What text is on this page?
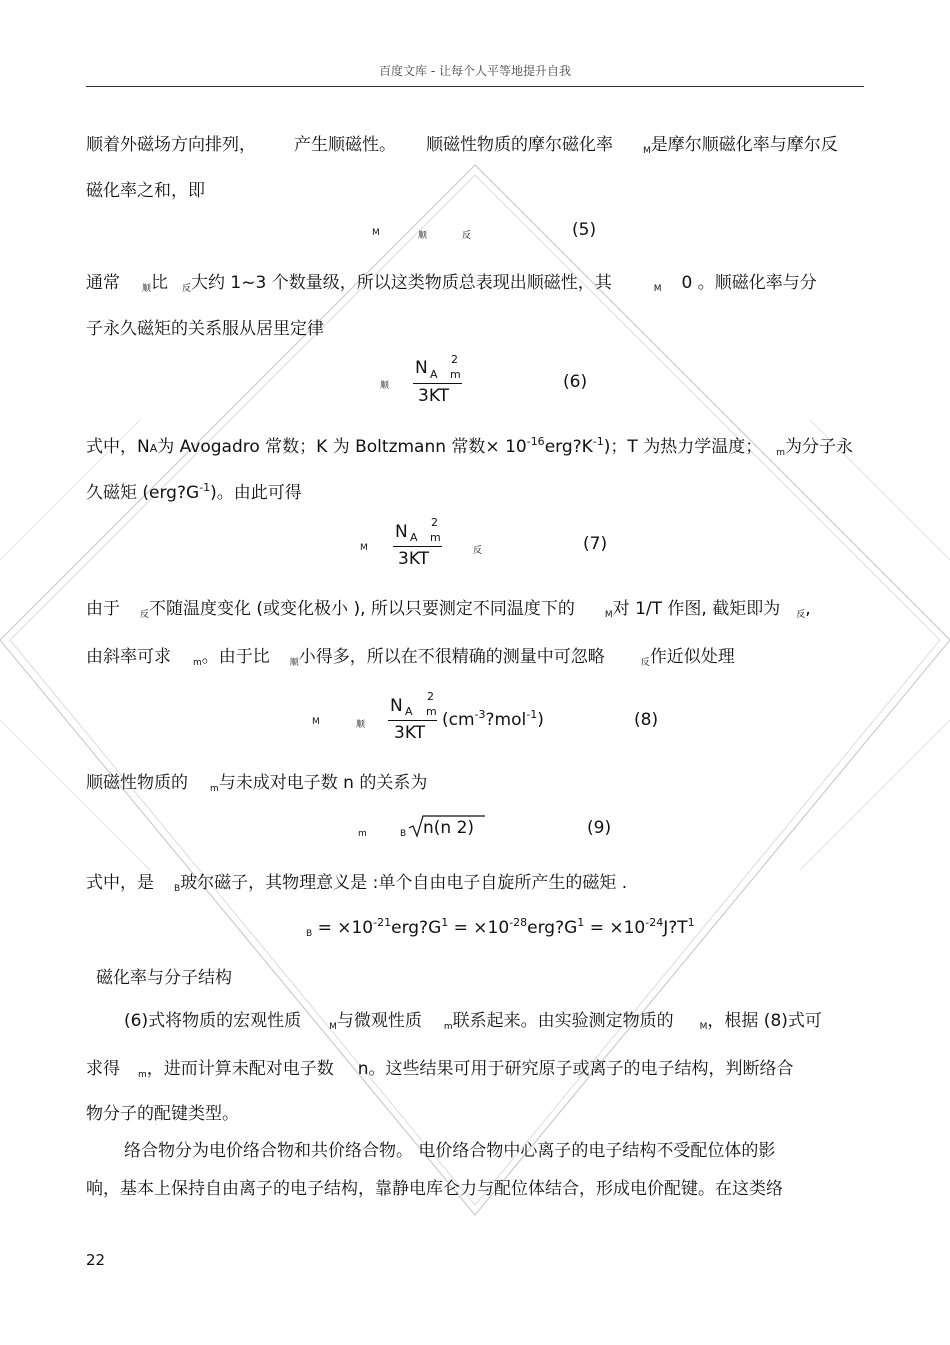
百度文库 - 让每个人平等地提升自我
顺着外磁场方向排列， 产生顺磁性。 顺磁性物质的摩尔磁化率	M是摩尔顺磁化率与摩尔反
磁化率之和，即
M	顺	反	(5)
通常 顺比 反大约 1~3 个数量级，所以这类物质总表现出顺磁性，其	M 0 。顺磁化率与分
子永久磁矩的关系服从居里定律
顺
N A m
2
3KT
(6)
式中，NA为 Avogadro 常数；K 为 Boltzmann 常数× $10^{-16}erg?K^{-1}$)；T 为热力学温度； m为分子永
久磁矩 $(erg?G^{-1})$。由此可得
M
N A m
2
3KT	反	(7)
由于 反不随温度变化 (或变化极小 ), 所以只要测定不同温度下的	M对 1/T 作图, 截矩即为 反,
由斜率可求 m。由于比 顺小得多，所以在不很精确的测量中可忽略	反作近似处理
M	顺
N A m
2
3KT
$(cm^{-3}?mol^{-1})$	(8)
顺磁性物质的 m与未成对电子数 n 的关系为
m	B n(n 2)	(9)
式中，是 B玻尔磁子，其物理意义是 :单个自由电子自旋所产生的磁矩 .
$B = \times 10^{-21}erg?G^1$ = $\times 10^{-28}erg?G^1$ = $\times 10^{-24}J?T^1$
磁化率与分子结构
(6)式将物质的宏观性质	M与微观性质 m联系起来。由实验测定物质的	M，根据 (8)式可
求得 m，进而计算未配对电子数 n。这些结果可用于研究原子或离子的电子结构，判断络合
物分子的配键类型。
络合物分为电价络合物和共价络合物。 电价络合物中心离子的电子结构不受配位体的影
响，基本上保持自由离子的电子结构，靠静电库仑力与配位体结合，形成电价配键。在这类络
22
